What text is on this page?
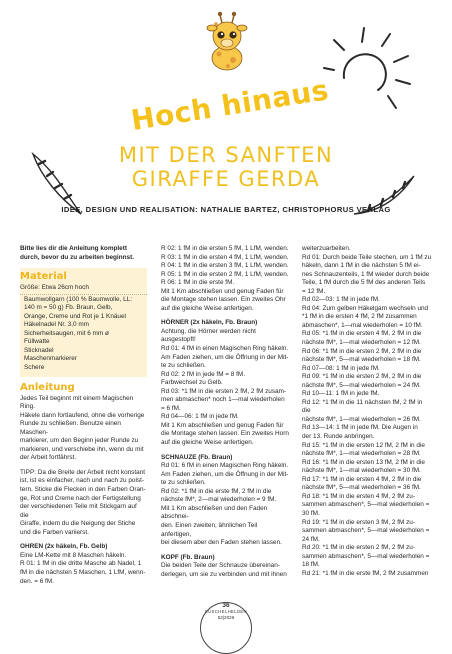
Hoch hinaus
MIT DER SANFTEN
GIRAFFE GERDA
IDEE, DESIGN UND REALISATION: NATHALIE BARTEZ, CHRISTOPHORUS VERLAG

Bitte lies dir die Anleitung komplett durch, bevor du zu arbeiten beginnst.

Material

Größe: Etwa 26cm hoch

Baumwollgarn (100 % Baumwolle, LL:
140 m = 50 g) Fb. Braun, Gelb,
Orange, Creme und Rot je 1 Knäuel
Häkelnadel Nr. 3,0 mm
Sicherheitsaugen, mit 6 mm ø
Füllwatte
Sticknadel
Maschenmarkierer
Schere
Anleitung

Jedes Teil beginnt mit einem Magischen Ring.

Häkele dann fortlaufend, ohne die vorherige

Runde zu schließen. Benutze einen Maschen-

markierer, um den Beginn jeder Runde zu

markieren, und verschiebe ihn, wenn du mit

der Arbeit fortfährst.

TIPP: Da die Breite der Arbeit nicht konstant

ist, ist es einfacher, nach und nach zu polst-

tern. Sticke die Flecken in den Farben Oran-

ge, Rot und Creme nach der Fertigstellung

der verschiedenen Teile mit Stickgarn auf die

Giraffe, indem du die Neigung der Stiche

und die Farben variierst.

OHREN (2x häkeln, Fb. Gelb)

Eine LM-Kette mit 8 Maschen häkeln.

R 01: 1 fM in die dritte Masche ab Nadel, 1

fM in die nächsten 5 Maschen, 1 LfM, wenn-

den. = 6 fM.

R 02: 1 fM in die ersten 5 fM, 1 LfM, wenden.

R 03: 1 fM in die ersten 4 fM, 1 LfM, wenden.

R 04: 1 fM in die ersten 3 fM, 1 LfM, wenden.

R 05: 1 fM in die ersten 2 fM, 1 LfM, wenden.

R 06: 1 fM in die erste fM.

Mit 1 Km abschließen und genug Faden für

die Montage stehen lassen. Ein zweites Ohr

auf die gleiche Weise anfertigen.

HÖRNER (2x häkeln, Fb. Braun)

Achtung, die Hörner werden nicht

ausgestopft!

Rd 01: 4 fM in einen Magischen Ring häkeln.

Am Faden ziehen, um die Öffnung in der Mit-

te zu schließen.

Rd 02: 2 fM in jede fM = 8 fM.

Farbwechsel zu Gelb.

Rd 03: *1 fM in die ersten 2 fM, 2 fM zusam-

men abmaschen* noch 1—mal wiederholen

= 6 fM.

Rd 04—06: 1 fM in jede fM.

Mit 1 Km abschließen und genug Faden für

die Montage stehen lassen. Ein zweites Horn

auf die gleiche Weise anfertigen.

SCHNAUZE (Fb. Braun)

Rd 01: 6 fM in einen Magischen Ring häkeln.

Am Faden ziehen, um die Öffnung in der Mit-

te zu schließen.

Rd 02: *1 fM in die erste fM, 2 fM in die

nächste fM*, 2—mal wiederholen = 9 fM.

Mit 1 Km abschließen und den Faden abschnei-

den. Einen zweiten, ähnlichen Teil anfertigen,

bei diesem aber den Faden stehen lassen.

KOPF (Fb. Braun)

Die beiden Teile der Schnauze übereinan-

derlegen, um sie zu verbinden und mit ihnen

weiterzuarbeiten.

Rd 01: Durch beide Teile stechen, um 1 fM zu

häkeln, dann 1 fM in die nächsten 5 fM ei-

nes Schnauzenteils, 1 fM wieder durch beide

Teile, 1 fM durch die 5 fM des anderen Teils

= 12 fM.

Rd 02—03: 1 fM in jede fM.

Rd 04: Zum gelben Häkelgarn wechseln und

*1 fM in die ersten 4 fM, 2 fM zusammen

abmaschen*, 1—mal wiederholen = 10 fM.

Rd 05: *1 fM in die ersten 4 fM, 2 fM in die

nächste fM*, 1—mal wiederholen = 12 fM.

Rd 06: *1 fM in die ersten 2 fM, 2 fM in die

nächste fM*, 5—mal wiederholen = 18 fM.

Rd 07—08: 1 fM in jede fM.

Rd 09: *1 fM in die ersten 2 fM, 2 fM in die

nächste fM*, 5—mal wiederholen = 24 fM.

Rd 10—11: 1 fM in jede fM.

Rd 12: *1 fM in die 11 nächsten fM, 2 fM in die

nächste fM*, 1—mal wiederholen = 26 fM.

Rd 13—14: 1 fM in jede fM. Die Augen in

der 13. Runde anbringen.

Rd 15: *1 fM in die ersten 12 fM, 2 fM in die

nächste fM*, 1—mal wiederholen = 28 fM.

Rd 16: *1 fM in die ersten 13 fM, 2 fM in die

nächste fM*, 1—mal wiederholen = 30 fM.

Rd 17: *1 fM in die ersten 4 fM, 2 fM in die

nächste fM*, 5—mal wiederholen = 36 fM.

Rd 18: *1 fM in die ersten 4 fM, 2 fM zu-

sammen abmaschen*, 5—mal wiederholen =

30 fM.

Rd 19: *1 fM in die ersten 3 fM, 2 fM zu-

sammen abmaschen*, 5—mal wiederholen =

24 fM.

Rd 20: *1 fM in die ersten 2 fM, 2 fM zu-

sammen abmaschen*, 5—mal wiederholen =

18 fM.

Rd 21: *1 fM in die erste fM, 2 fM zusammen

36
KUSCHELHELDEN
52|2026
